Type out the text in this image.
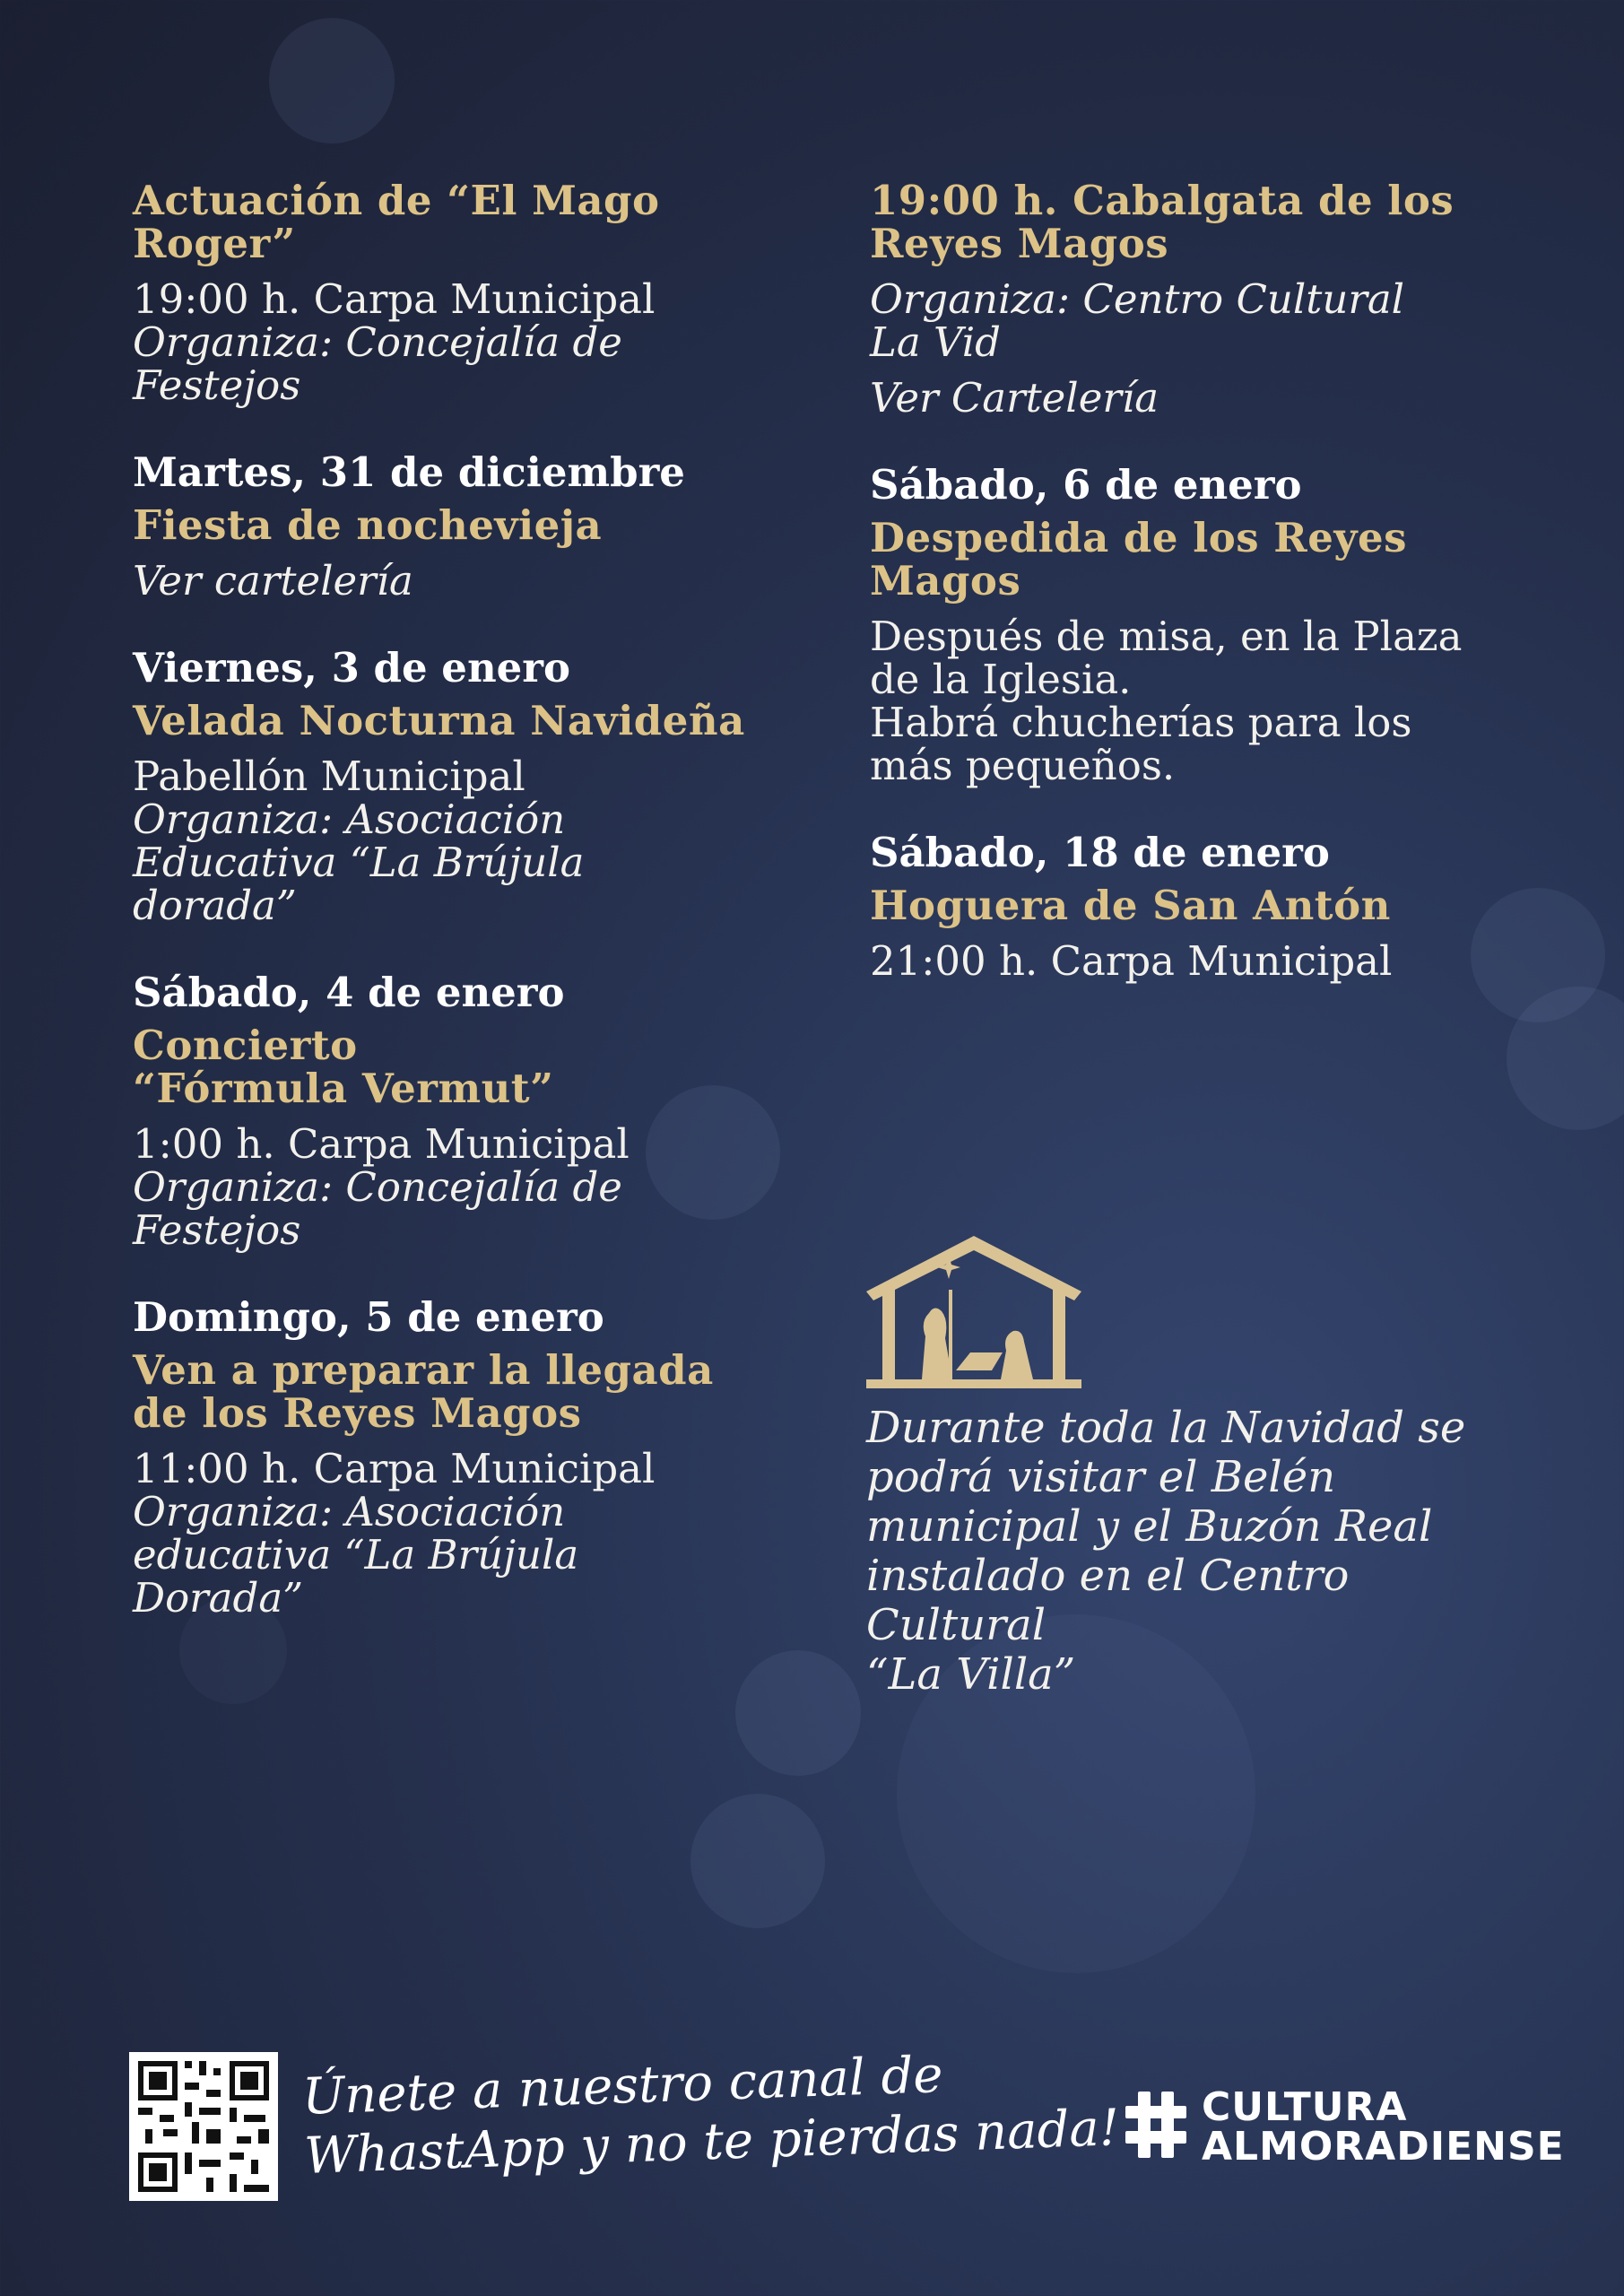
Actuación de “El Mago
Roger”
19:00 h. Carpa Municipal
Organiza: Concejalía de
Festejos
Martes, 31 de diciembre
Fiesta de nochevieja
Ver cartelería
Viernes, 3 de enero
Velada Nocturna Navideña
Pabellón Municipal
Organiza: Asociación
Educativa “La Brújula
dorada”
Sábado, 4 de enero
Concierto
“Fórmula Vermut”
1:00 h. Carpa Municipal
Organiza: Concejalía de
Festejos
Domingo, 5 de enero
Ven a preparar la llegada
de los Reyes Magos
11:00 h. Carpa Municipal
Organiza: Asociación
educativa “La Brújula
Dorada”
19:00 h. Cabalgata de los
Reyes Magos
Organiza: Centro Cultural
La Vid
Ver Cartelería
Sábado, 6 de enero
Despedida de los Reyes
Magos
Después de misa, en la Plaza
de la Iglesia.
Habrá chucherías para los
más pequeños.
Sábado, 18 de enero
Hoguera de San Antón
21:00 h. Carpa Municipal
Durante toda la Navidad se
podrá visitar el Belén
municipal y el Buzón Real
instalado en el Centro Cultural
“La Villa”
Únete a nuestro canal de
WhastApp y no te pierdas nada! CULTURA
ALMORADIENSE
